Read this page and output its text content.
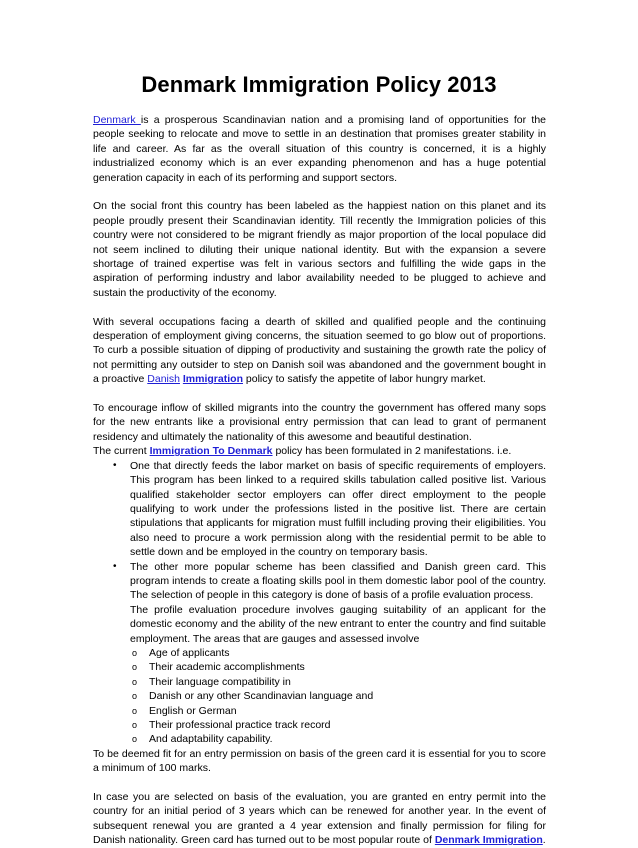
Denmark Immigration Policy 2013

Denmark is a prosperous Scandinavian nation and a promising land of opportunities for the people seeking to relocate and move to settle in an destination that promises greater stability in life and career. As far as the overall situation of this country is concerned, it is a highly industrialized economy which is an ever expanding phenomenon and has a huge potential generation capacity in each of its performing and support sectors.

On the social front this country has been labeled as the happiest nation on this planet and its people proudly present their Scandinavian identity. Till recently the Immigration policies of this country were not considered to be migrant friendly as major proportion of the local populace did not seem inclined to diluting their unique national identity. But with the expansion a severe shortage of trained expertise was felt in various sectors and fulfilling the wide gaps in the aspiration of performing industry and labor availability needed to be plugged to achieve and sustain the productivity of the economy.

With several occupations facing a dearth of skilled and qualified people and the continuing desperation of employment giving concerns, the situation seemed to go blow out of proportions. To curb a possible situation of dipping of productivity and sustaining the growth rate the policy of not permitting any outsider to step on Danish soil was abandoned and the government bought in a proactive Danish Immigration policy to satisfy the appetite of labor hungry market.

To encourage inflow of skilled migrants into the country the government has offered many sops for the new entrants like a provisional entry permission that can lead to grant of permanent residency and ultimately the nationality of this awesome and beautiful destination.

The current Immigration To Denmark policy has been formulated in 2 manifestations. i.e.

• One that directly feeds the labor market on basis of specific requirements of employers. This program has been linked to a required skills tabulation called positive list. Various qualified stakeholder sector employers can offer direct employment to the people qualifying to work under the professions listed in the positive list. There are certain stipulations that applicants for migration must fulfill including proving their eligibilities. You also need to procure a work permission along with the residential permit to be able to settle down and be employed in the country on temporary basis.

• The other more popular scheme has been classified and Danish green card. This program intends to create a floating skills pool in them domestic labor pool of the country. The selection of people in this category is done of basis of a profile evaluation process.

The profile evaluation procedure involves gauging suitability of an applicant for the domestic economy and the ability of the new entrant to enter the country and find suitable employment. The areas that are gauges and assessed involve

o Age of applicants
o Their academic accomplishments
o Their language compatibility in
o Danish or any other Scandinavian language and
o English or German
o Their professional practice track record
o And adaptability capability.

To be deemed fit for an entry permission on basis of the green card it is essential for you to score a minimum of 100 marks.

In case you are selected on basis of the evaluation, you are granted en entry permit into the country for an initial period of 3 years which can be renewed for another year. In the event of subsequent renewal you are granted a 4 year extension and finally permission for filing for Danish nationality. Green card has turned out to be most popular route of Denmark Immigration.
